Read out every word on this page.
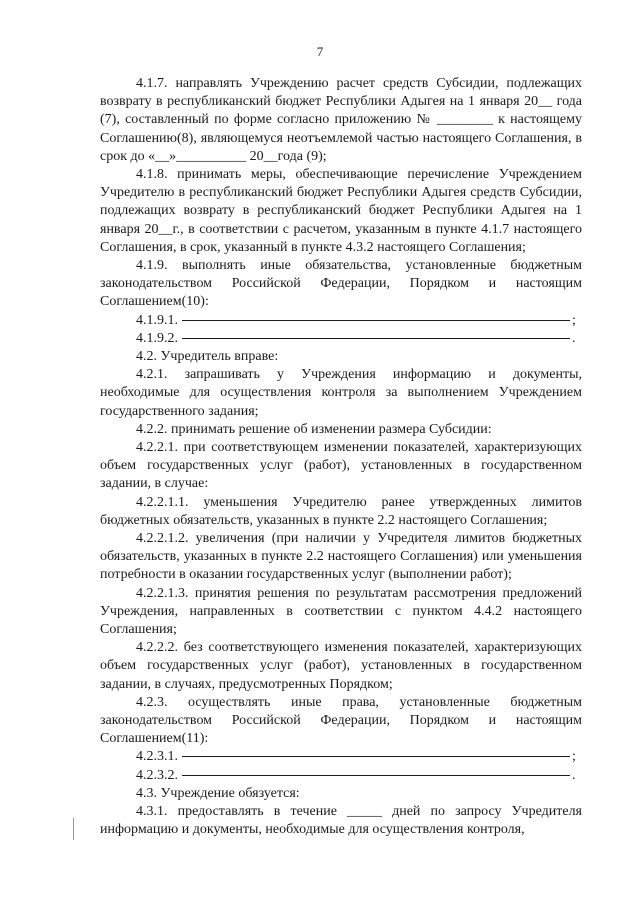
7

4.1.7. направлять Учреждению расчет средств Субсидии, подлежащих возврату в республиканский бюджет Республики Адыгея на 1 января 20__ года (7), составленный по форме согласно приложению № ________ к настоящему Соглашению(8), являющемуся неотъемлемой частью настоящего Соглашения, в срок до «__»__________ 20__года (9);

4.1.8. принимать меры, обеспечивающие перечисление Учреждением Учредителю в республиканский бюджет Республики Адыгея средств Субсидии, подлежащих возврату в республиканский бюджет Республики Адыгея на 1 января 20__г., в соответствии с расчетом, указанным в пункте 4.1.7 настоящего Соглашения, в срок, указанный в пункте 4.3.2 настоящего Соглашения;

4.1.9. выполнять иные обязательства, установленные бюджетным законодательством Российской Федерации, Порядком и настоящим Соглашением(10):

4.1.9.1.	;
4.1.9.2.	.

4.2. Учредитель вправе:

4.2.1. запрашивать у Учреждения информацию и документы, необходимые для осуществления контроля за выполнением Учреждением государственного задания;

4.2.2. принимать решение об изменении размера Субсидии:

4.2.2.1. при соответствующем изменении показателей, характеризующих объем государственных услуг (работ), установленных в государственном задании, в случае:

4.2.2.1.1. уменьшения Учредителю ранее утвержденных лимитов бюджетных обязательств, указанных в пункте 2.2 настоящего Соглашения;

4.2.2.1.2. увеличения (при наличии у Учредителя лимитов бюджетных обязательств, указанных в пункте 2.2 настоящего Соглашения) или уменьшения потребности в оказании государственных услуг (выполнении работ);

4.2.2.1.3. принятия решения по результатам рассмотрения предложений Учреждения, направленных в соответствии с пунктом 4.4.2 настоящего Соглашения;

4.2.2.2. без соответствующего изменения показателей, характеризующих объем государственных услуг (работ), установленных в государственном задании, в случаях, предусмотренных Порядком;

4.2.3. осуществлять иные права, установленные бюджетным законодательством Российской Федерации, Порядком и настоящим Соглашением(11):

4.2.3.1.	;
4.2.3.2.	.

4.3. Учреждение обязуется:

4.3.1. предоставлять в течение _____ дней по запросу Учредителя информацию и документы, необходимые для осуществления контроля,
